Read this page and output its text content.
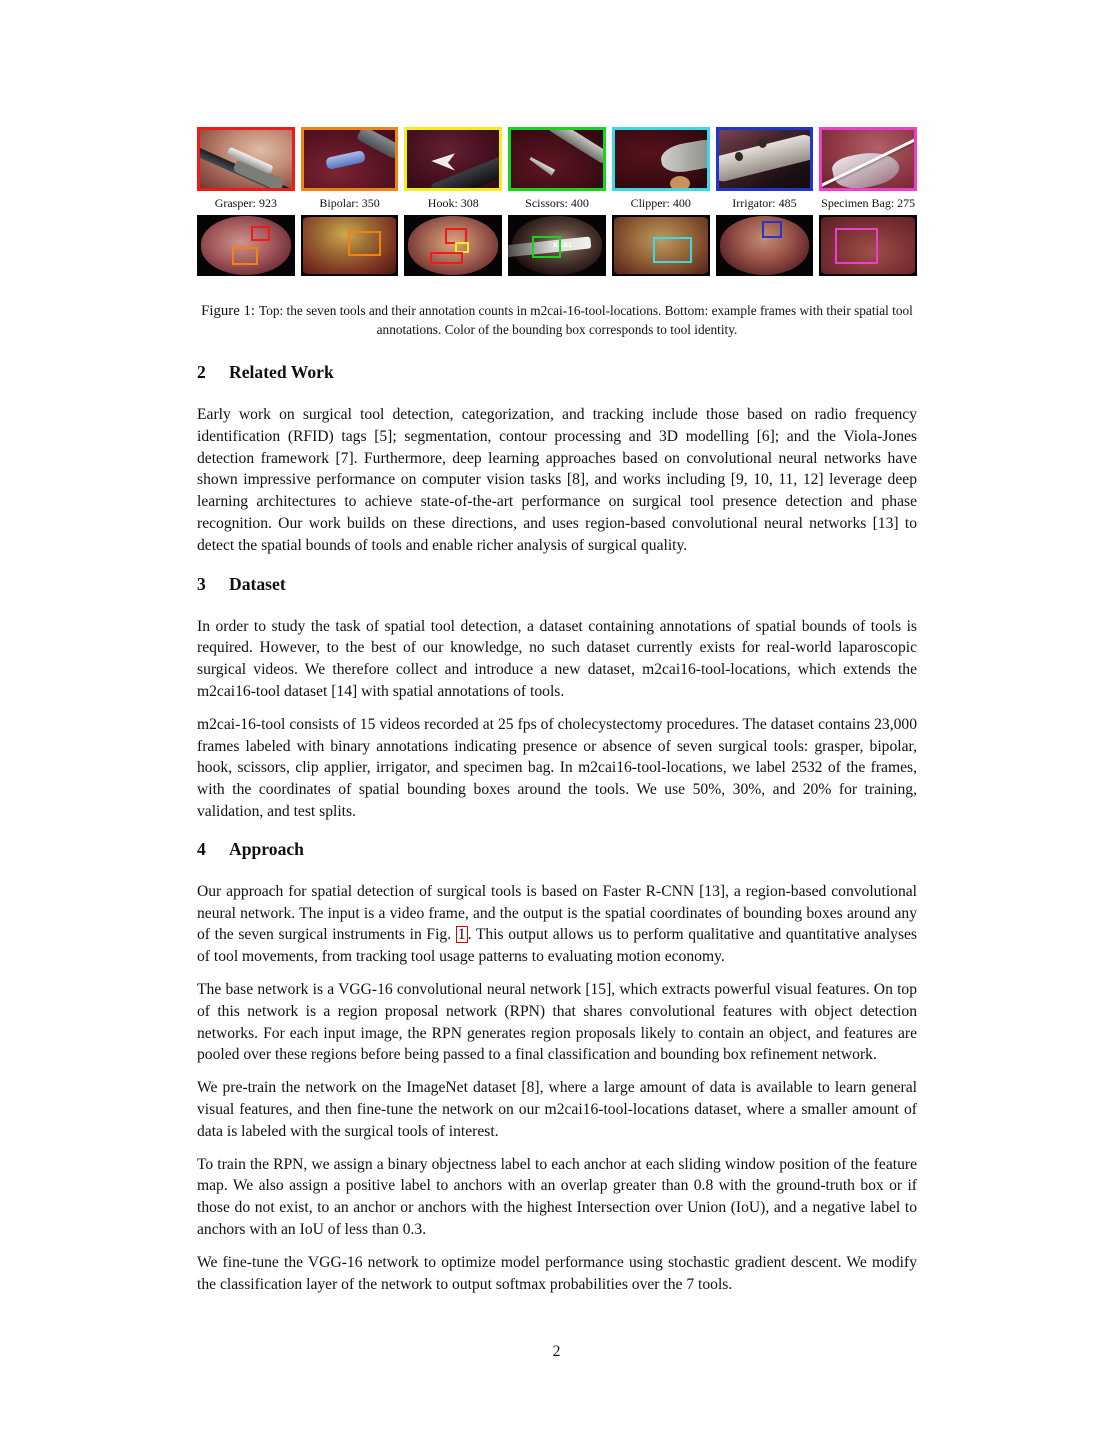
Grasper: 923	Bipolar: 350	Hook: 308	Scissors: 400	Clipper: 400	Irrigator: 485	Specimen Bag: 275
KARL
Figure 1: Top: the seven tools and their annotation counts in m2cai-16-tool-locations. Bottom: example frames with their spatial tool annotations. Color of the bounding box corresponds to tool identity.
2	Related Work

Early work on surgical tool detection, categorization, and tracking include those based on radio frequency identification (RFID) tags [5]; segmentation, contour processing and 3D modelling [6]; and the Viola-Jones detection framework [7]. Furthermore, deep learning approaches based on convolutional neural networks have shown impressive performance on computer vision tasks [8], and works including [9, 10, 11, 12] leverage deep learning architectures to achieve state-of-the-art performance on surgical tool presence detection and phase recognition. Our work builds on these directions, and uses region-based convolutional neural networks [13] to detect the spatial bounds of tools and enable richer analysis of surgical quality.

3	Dataset

In order to study the task of spatial tool detection, a dataset containing annotations of spatial bounds of tools is required. However, to the best of our knowledge, no such dataset currently exists for real-world laparoscopic surgical videos. We therefore collect and introduce a new dataset, m2cai16-tool-locations, which extends the m2cai16-tool dataset [14] with spatial annotations of tools.

m2cai-16-tool consists of 15 videos recorded at 25 fps of cholecystectomy procedures. The dataset contains 23,000 frames labeled with binary annotations indicating presence or absence of seven surgical tools: grasper, bipolar, hook, scissors, clip applier, irrigator, and specimen bag. In m2cai16-tool-locations, we label 2532 of the frames, with the coordinates of spatial bounding boxes around the tools. We use 50%, 30%, and 20% for training, validation, and test splits.

4	Approach

Our approach for spatial detection of surgical tools is based on Faster R-CNN [13], a region-based convolutional neural network. The input is a video frame, and the output is the spatial coordinates of bounding boxes around any of the seven surgical instruments in Fig. 1 . This output allows us to perform qualitative and quantitative analyses of tool movements, from tracking tool usage patterns to evaluating motion economy.

The base network is a VGG-16 convolutional neural network [15], which extracts powerful visual features. On top of this network is a region proposal network (RPN) that shares convolutional features with object detection networks. For each input image, the RPN generates region proposals likely to contain an object, and features are pooled over these regions before being passed to a final classification and bounding box refinement network.

We pre-train the network on the ImageNet dataset [8], where a large amount of data is available to learn general visual features, and then fine-tune the network on our m2cai16-tool-locations dataset, where a smaller amount of data is labeled with the surgical tools of interest.

To train the RPN, we assign a binary objectness label to each anchor at each sliding window position of the feature map. We also assign a positive label to anchors with an overlap greater than 0.8 with the ground-truth box or if those do not exist, to an anchor or anchors with the highest Intersection over Union (IoU), and a negative label to anchors with an IoU of less than 0.3.

We fine-tune the VGG-16 network to optimize model performance using stochastic gradient descent. We modify the classification layer of the network to output softmax probabilities over the 7 tools.

2
